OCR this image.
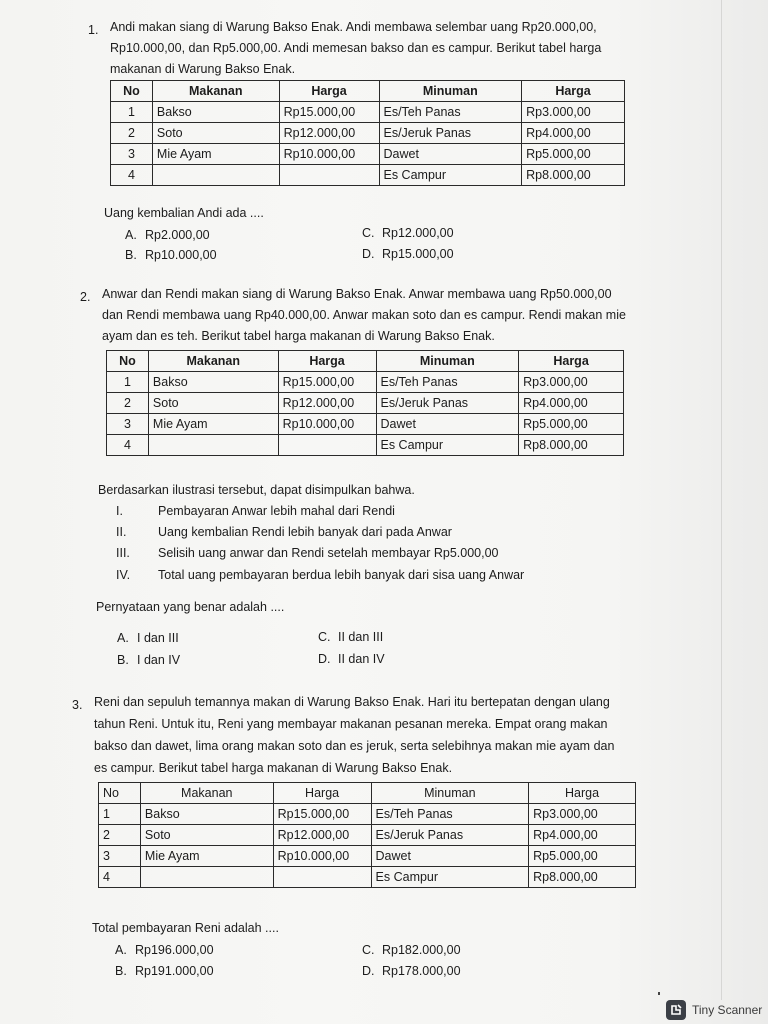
1. Andi makan siang di Warung Bakso Enak. Andi membawa selembar uang Rp20.000,00,
Rp10.000,00, dan Rp5.000,00. Andi memesan bakso dan es campur. Berikut tabel harga
makanan di Warung Bakso Enak.
No	Makanan	Harga	Minuman	Harga
1	Bakso	Rp15.000,00	Es/Teh Panas	Rp3.000,00
2	Soto	Rp12.000,00	Es/Jeruk Panas	Rp4.000,00
3	Mie Ayam	Rp10.000,00	Dawet	Rp5.000,00
4			Es Campur	Rp8.000,00
Uang kembalian Andi ada ....
A. Rp2.000,00
B. Rp10.000,00
C. Rp12.000,00
D. Rp15.000,00
2. Anwar dan Rendi makan siang di Warung Bakso Enak. Anwar membawa uang Rp50.000,00
dan Rendi membawa uang Rp40.000,00. Anwar makan soto dan es campur. Rendi makan mie
ayam dan es teh. Berikut tabel harga makanan di Warung Bakso Enak.
No	Makanan	Harga	Minuman	Harga
1	Bakso	Rp15.000,00	Es/Teh Panas	Rp3.000,00
2	Soto	Rp12.000,00	Es/Jeruk Panas	Rp4.000,00
3	Mie Ayam	Rp10.000,00	Dawet	Rp5.000,00
4			Es Campur	Rp8.000,00
Berdasarkan ilustrasi tersebut, dapat disimpulkan bahwa.
I.	Pembayaran Anwar lebih mahal dari Rendi
II.	Uang kembalian Rendi lebih banyak dari pada Anwar
III. Selisih uang anwar dan Rendi setelah membayar Rp5.000,00
IV. Total uang pembayaran berdua lebih banyak dari sisa uang Anwar
Pernyataan yang benar adalah ....
A. I dan III
B. I dan IV
C. II dan III
D. II dan IV
3. Reni dan sepuluh temannya makan di Warung Bakso Enak. Hari itu bertepatan dengan ulang
tahun Reni. Untuk itu, Reni yang membayar makanan pesanan mereka. Empat orang makan
bakso dan dawet, lima orang makan soto dan es jeruk, serta selebihnya makan mie ayam dan
es campur. Berikut tabel harga makanan di Warung Bakso Enak.
No	Makanan	Harga	Minuman	Harga
1	Bakso	Rp15.000,00	Es/Teh Panas	Rp3.000,00
2	Soto	Rp12.000,00	Es/Jeruk Panas	Rp4.000,00
3	Mie Ayam	Rp10.000,00	Dawet	Rp5.000,00
4			Es Campur	Rp8.000,00
Total pembayaran Reni adalah ....
A. Rp196.000,00
B. Rp191.000,00
C. Rp182.000,00
D. Rp178.000,00
Tiny Scanner
